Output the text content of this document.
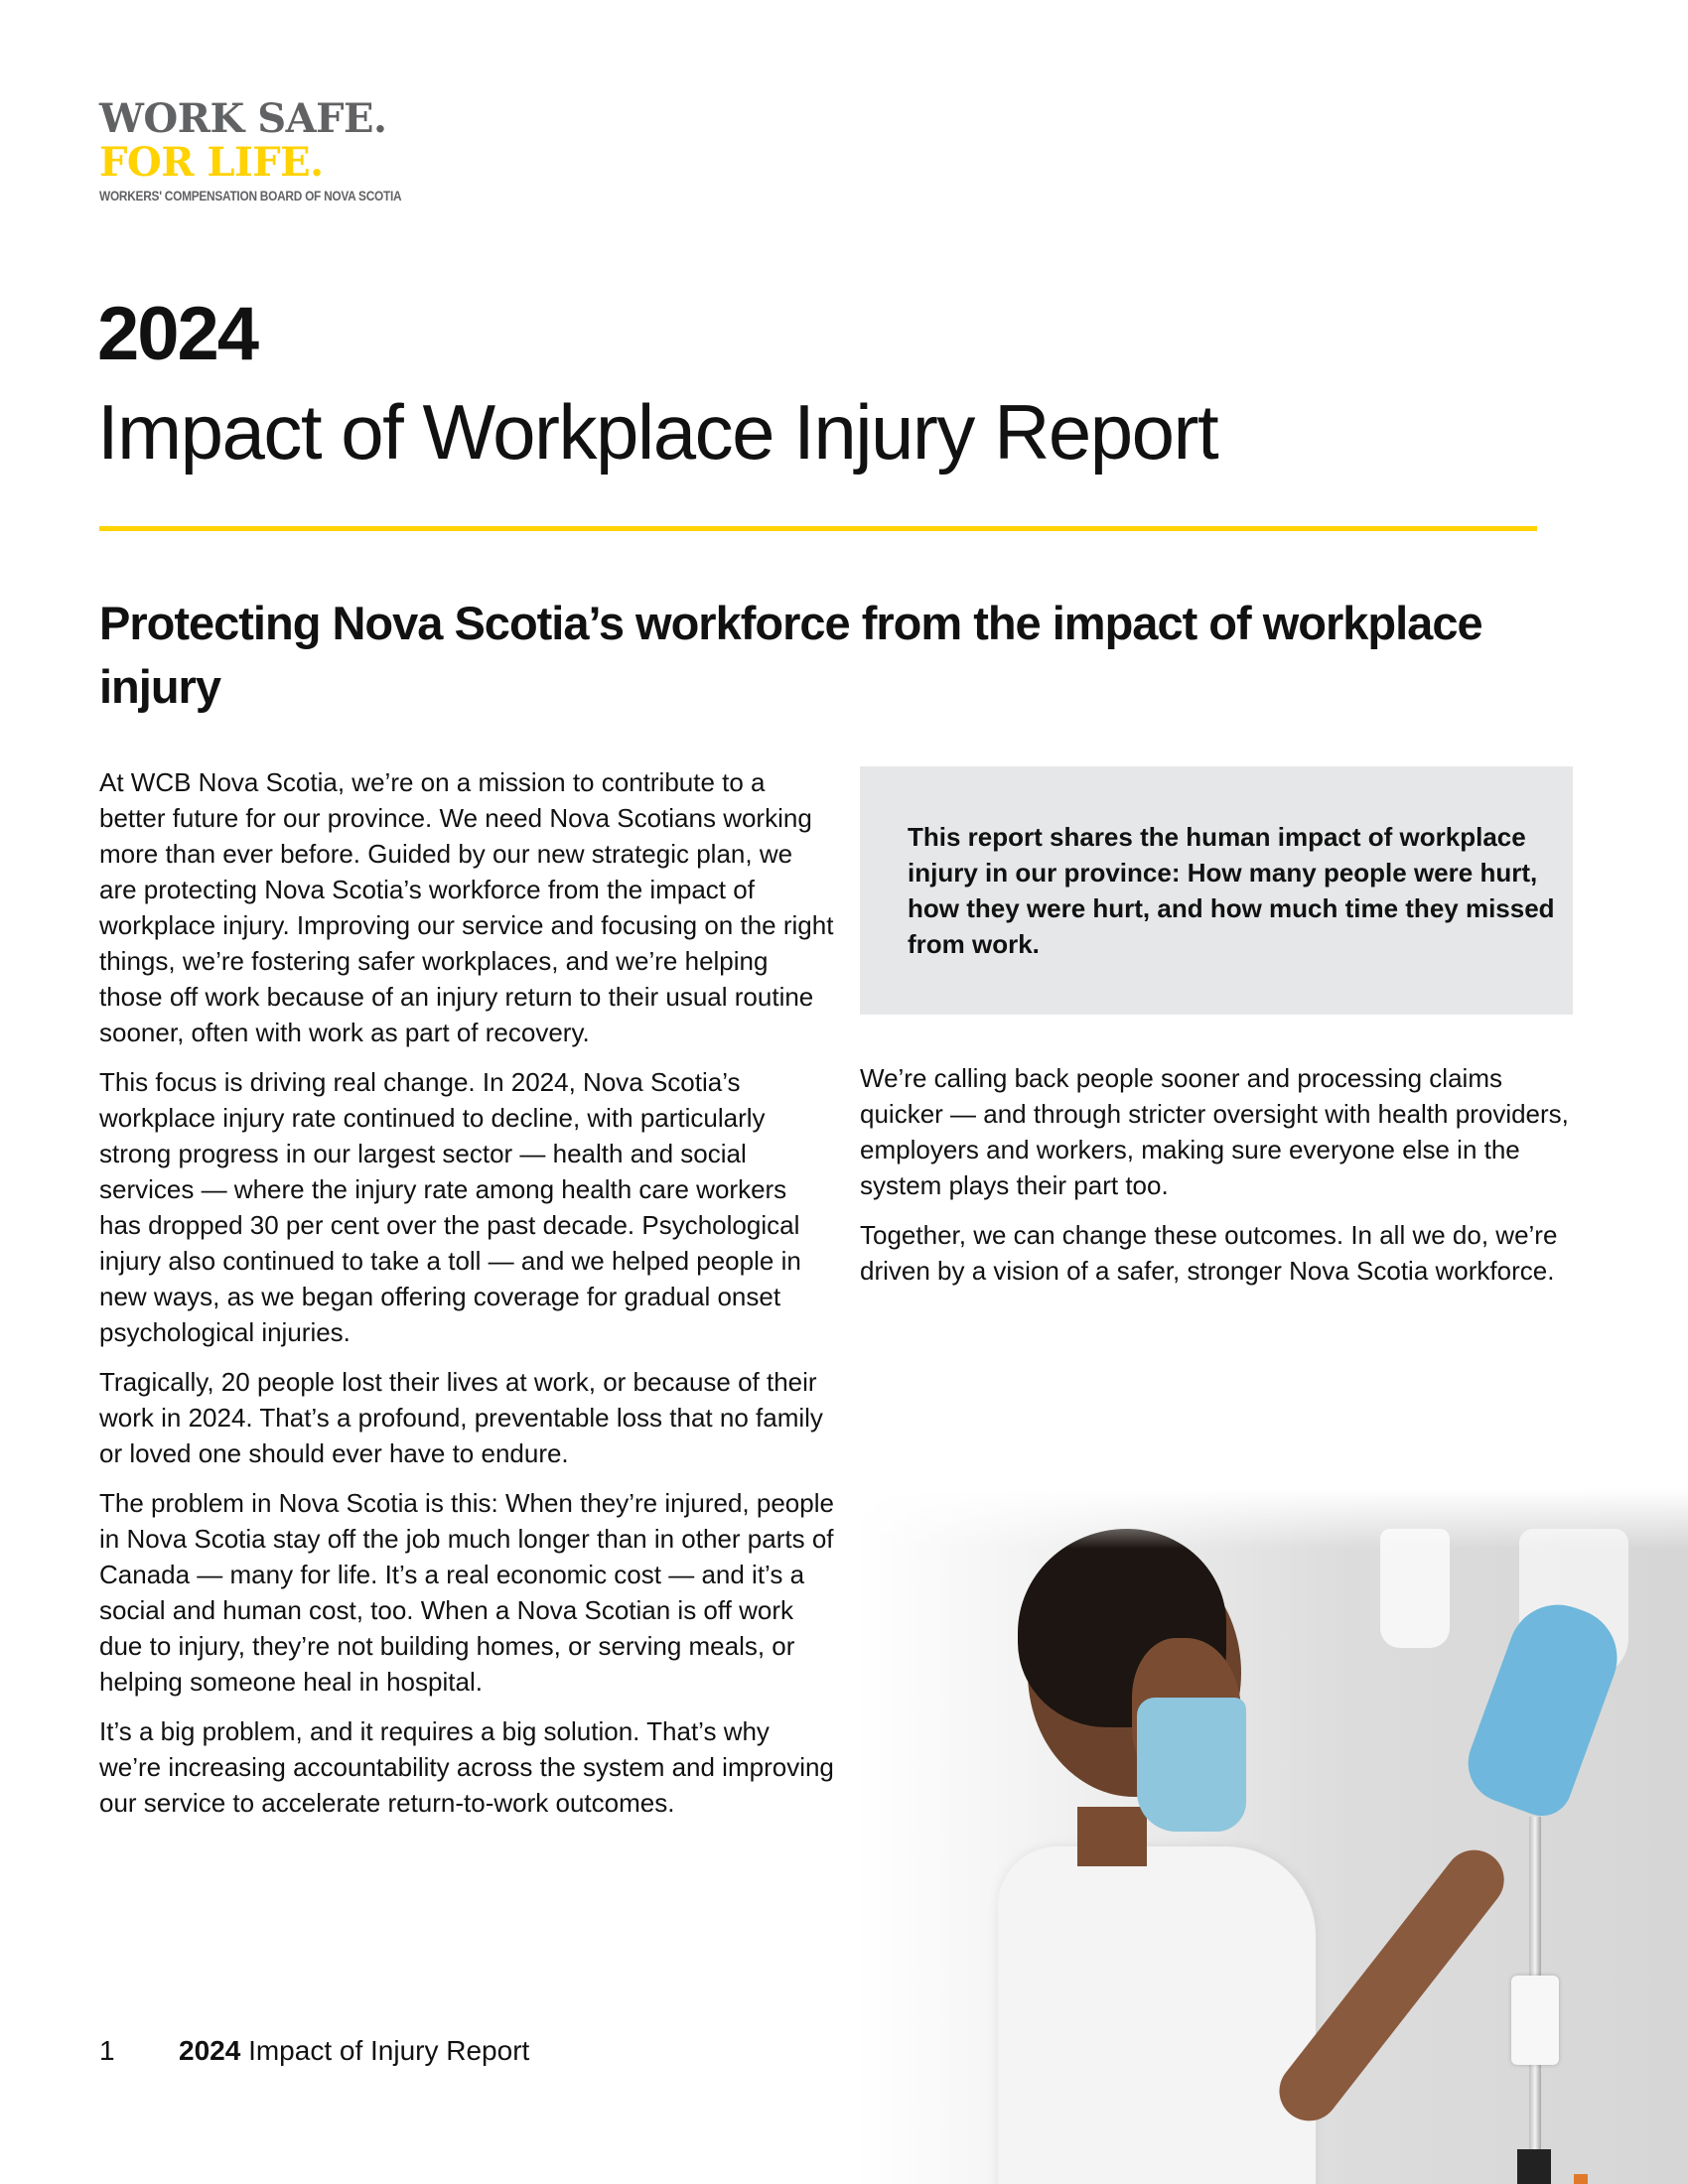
WORK SAFE.
FOR LIFE.
WORKERS' COMPENSATION BOARD OF NOVA SCOTIA
2024
Impact of Workplace Injury Report
Protecting Nova Scotia’s workforce from the impact of workplace injury

At WCB Nova Scotia, we’re on a mission to contribute to a better future for our province. We need Nova Scotians working more than ever before. Guided by our new strategic plan, we are protecting Nova Scotia’s workforce from the impact of workplace injury. Improving our service and focusing on the right things, we’re fostering safer workplaces, and we’re helping those off work because of an injury return to their usual routine sooner, often with work as part of recovery.

This focus is driving real change. In 2024, Nova Scotia’s workplace injury rate continued to decline, with particularly strong progress in our largest sector — health and social services — where the injury rate among health care workers has dropped 30 per cent over the past decade. Psychological injury also continued to take a toll — and we helped people in new ways, as we began offering coverage for gradual onset psychological injuries.

Tragically, 20 people lost their lives at work, or because of their work in 2024. That’s a profound, preventable loss that no family or loved one should ever have to endure.

The problem in Nova Scotia is this: When they’re injured, people in Nova Scotia stay off the job much longer than in other parts of Canada — many for life. It’s a real economic cost — and it’s a social and human cost, too. When a Nova Scotian is off work due to injury, they’re not building homes, or serving meals, or helping someone heal in hospital.

It’s a big problem, and it requires a big solution. That’s why we’re increasing accountability across the system and improving our service to accelerate return-to-work outcomes.

This report shares the human impact of workplace injury in our province: How many people were hurt, how they were hurt, and how much time they missed from work.

We’re calling back people sooner and processing claims quicker — and through stricter oversight with health providers, employers and workers, making sure everyone else in the system plays their part too.

Together, we can change these outcomes. In all we do, we’re driven by a vision of a safer, stronger Nova Scotia workforce.

1 2024 Impact of Injury Report
